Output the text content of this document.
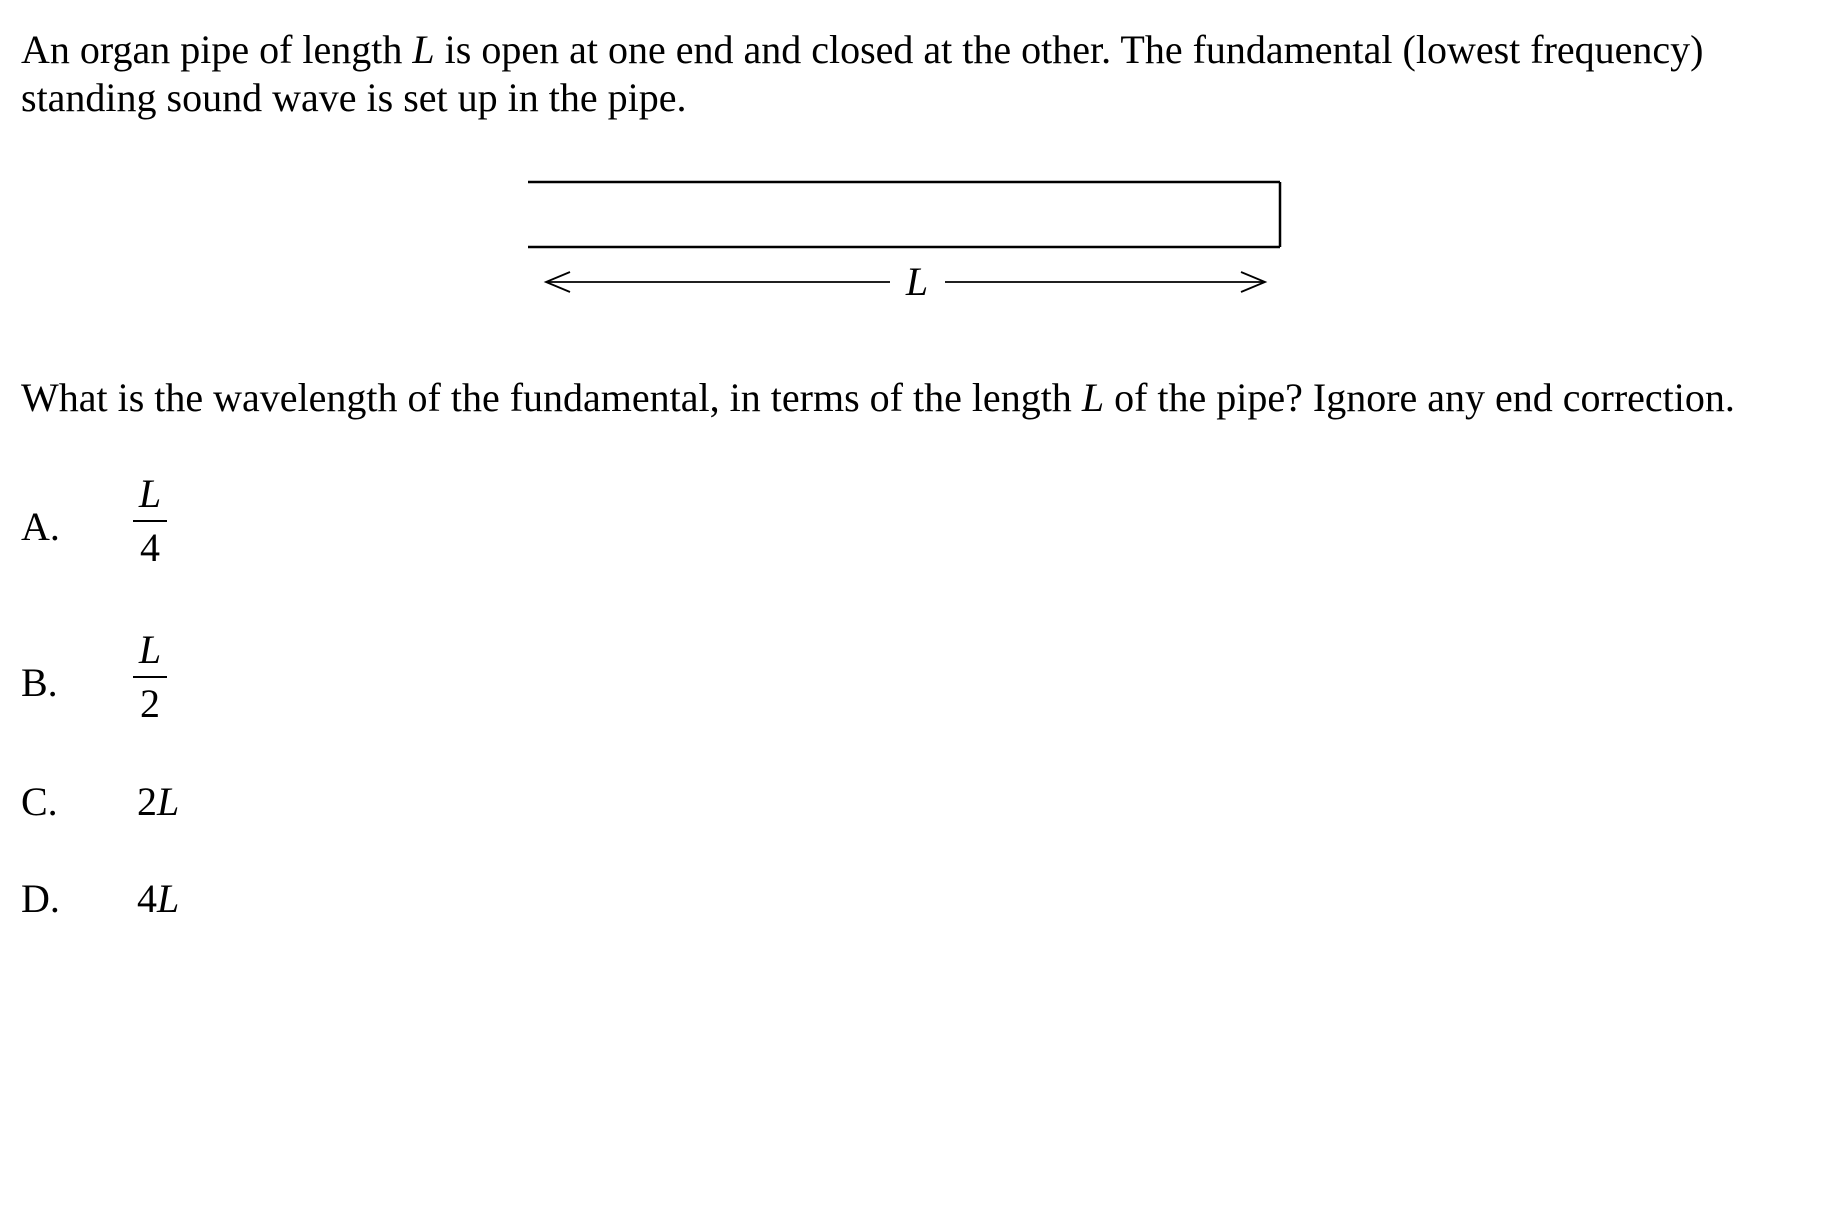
An organ pipe of length L is open at one end and closed at the other. The fundamental (lowest frequency) standing sound wave is set up in the pipe.

L

What is the wavelength of the fundamental, in terms of the length L of the pipe? Ignore any end correction.

A.
L
4
B.
L
2
C.	2L
D.	4L
